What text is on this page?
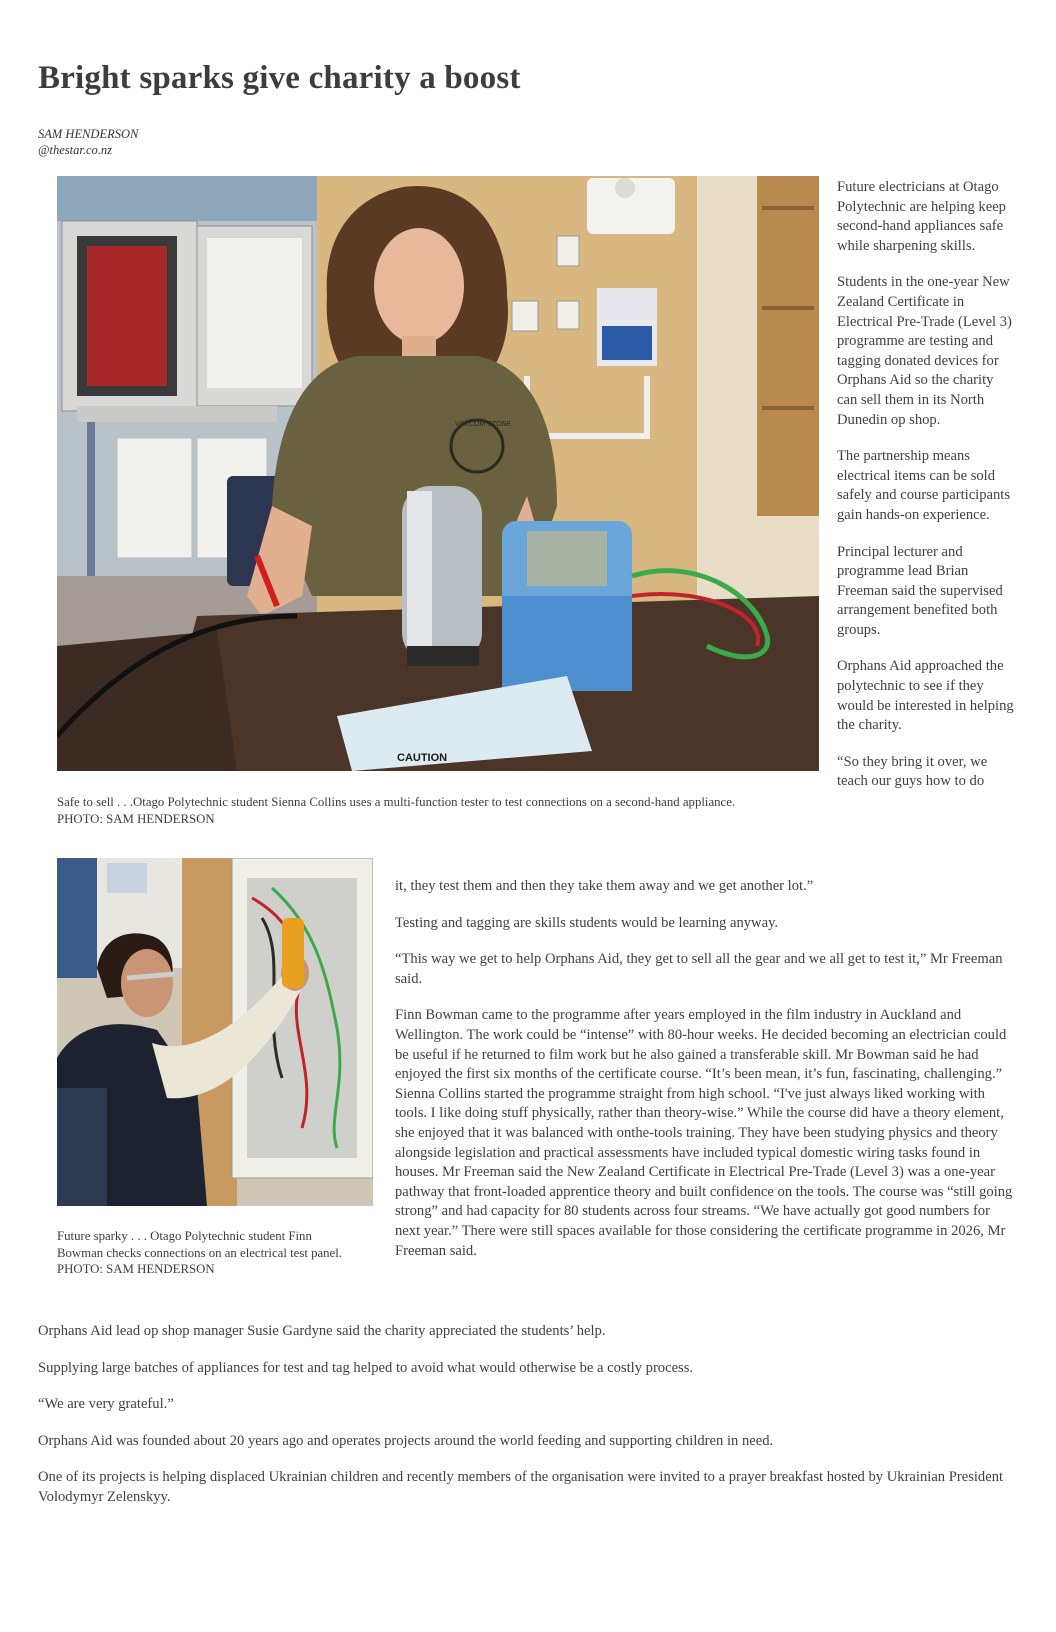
Bright sparks give charity a boost
SAM HENDERSON
@thestar.co.nz
CAUTION
Safe to sell . . .Otago Polytechnic student Sienna Collins uses a multi-function tester to test connections on a second-hand appliance.
PHOTO: SAM HENDERSON

Future electricians at Otago Polytechnic are helping keep second-hand appliances safe while sharpening skills.

Students in the one-year New Zealand Certificate in Electrical Pre-Trade (Level 3) programme are testing and tagging donated devices for Orphans Aid so the charity can sell them in its North Dunedin op shop.

The partnership means electrical items can be sold safely and course participants gain hands-on experience.

Principal lecturer and programme lead Brian Freeman said the supervised arrangement benefited both groups.

Orphans Aid approached the polytechnic to see if they would be interested in helping the charity.

“So they bring it over, we teach our guys how to do

Future sparky . . . Otago Polytechnic student Finn Bowman checks connections on an electrical test panel. PHOTO: SAM HENDERSON

it, they test them and then they take them away and we get another lot.”

Testing and tagging are skills students would be learning anyway.

“This way we get to help Orphans Aid, they get to sell all the gear and we all get to test it,” Mr Freeman said.

Finn Bowman came to the programme after years employed in the film industry in Auckland and Wellington. The work could be “intense” with 80-hour weeks. He decided becoming an electrician could be useful if he returned to film work but he also gained a transferable skill. Mr Bowman said he had enjoyed the first six months of the certificate course. “It’s been mean, it’s fun, fascinating, challenging.” Sienna Collins started the programme straight from high school. “I've just always liked working with tools. I like doing stuff physically, rather than theory-wise.” While the course did have a theory element, she enjoyed that it was balanced with onthe-tools training. They have been studying physics and theory alongside legislation and practical assessments have included typical domestic wiring tasks found in houses. Mr Freeman said the New Zealand Certificate in Electrical Pre-Trade (Level 3) was a one-year pathway that front-loaded apprentice theory and built confidence on the tools. The course was “still going strong” and had capacity for 80 students across four streams. “We have actually got good numbers for next year.” There were still spaces available for those considering the certificate programme in 2026, Mr Freeman said.

Orphans Aid lead op shop manager Susie Gardyne said the charity appreciated the students’ help.

Supplying large batches of appliances for test and tag helped to avoid what would otherwise be a costly process.

“We are very grateful.”

Orphans Aid was founded about 20 years ago and operates projects around the world feeding and supporting children in need.

One of its projects is helping displaced Ukrainian children and recently members of the organisation were invited to a prayer breakfast hosted by Ukrainian President Volodymyr Zelenskyy.

VOLCOM STONE
